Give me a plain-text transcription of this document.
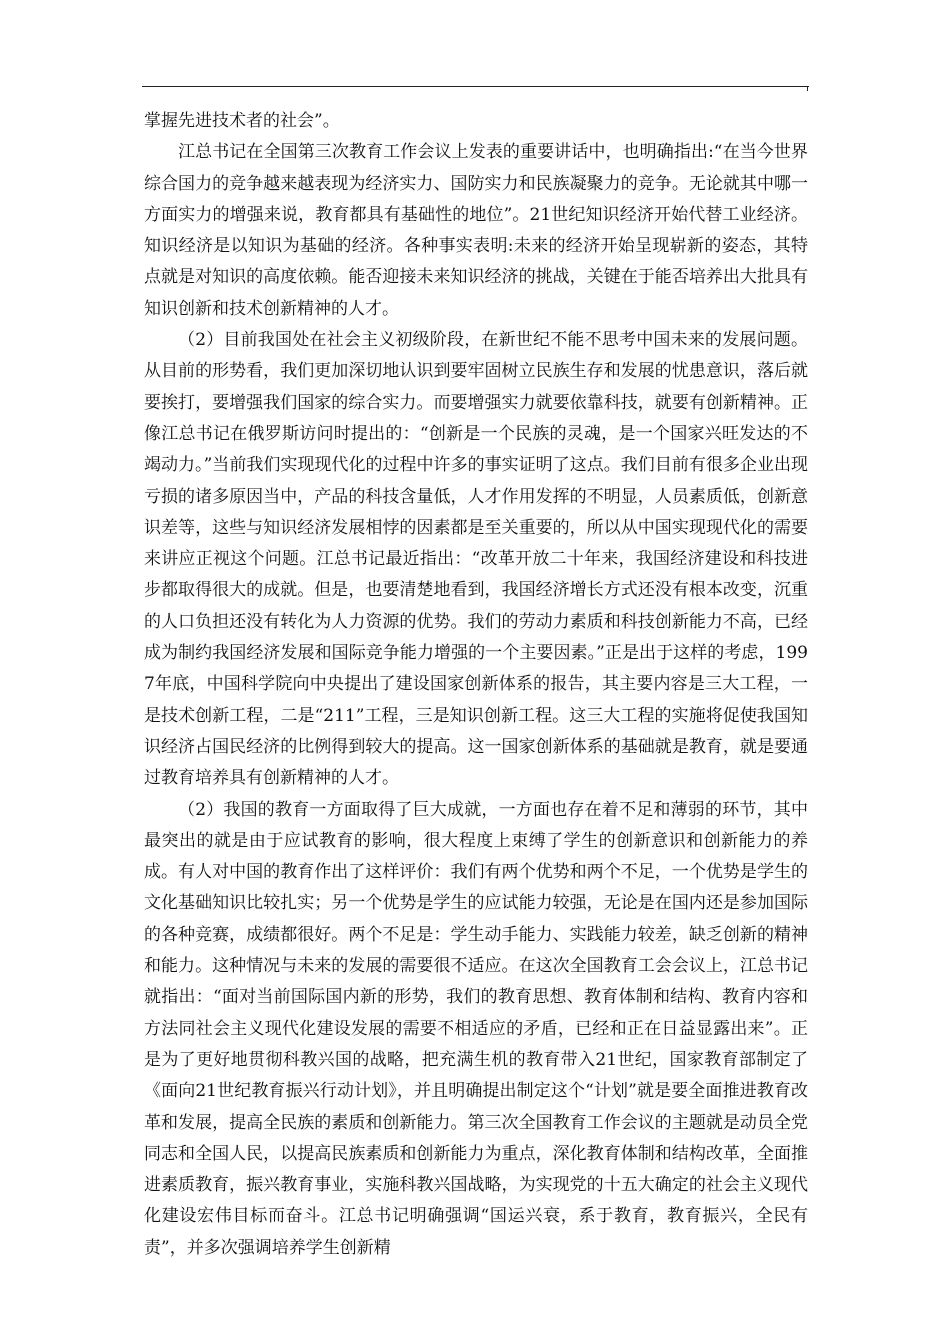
掌握先进技术者的社会”。

江总书记在全国第三次教育工作会议上发表的重要讲话中，也明确指出:“在当今世界综合国力的竞争越来越表现为经济实力、国防实力和民族凝聚力的竞争。无论就其中哪一方面实力的增强来说，教育都具有基础性的地位”。21世纪知识经济开始代替工业经济。知识经济是以知识为基础的经济。各种事实表明:未来的经济开始呈现崭新的姿态，其特点就是对知识的高度依赖。能否迎接未来知识经济的挑战，关键在于能否培养出大批具有知识创新和技术创新精神的人才。

（2）目前我国处在社会主义初级阶段，在新世纪不能不思考中国未来的发展问题。从目前的形势看，我们更加深切地认识到要牢固树立民族生存和发展的忧患意识，落后就要挨打，要增强我们国家的综合实力。而要增强实力就要依靠科技，就要有创新精神。正像江总书记在俄罗斯访问时提出的：“创新是一个民族的灵魂，是一个国家兴旺发达的不竭动力。”当前我们实现现代化的过程中许多的事实证明了这点。我们目前有很多企业出现亏损的诸多原因当中，产品的科技含量低，人才作用发挥的不明显，人员素质低，创新意识差等，这些与知识经济发展相悖的因素都是至关重要的，所以从中国实现现代化的需要来讲应正视这个问题。江总书记最近指出：“改革开放二十年来，我国经济建设和科技进步都取得很大的成就。但是，也要清楚地看到，我国经济增长方式还没有根本改变，沉重的人口负担还没有转化为人力资源的优势。我们的劳动力素质和科技创新能力不高，已经成为制约我国经济发展和国际竞争能力增强的一个主要因素。”正是出于这样的考虑，1997年底，中国科学院向中央提出了建设国家创新体系的报告，其主要内容是三大工程，一是技术创新工程，二是“211”工程，三是知识创新工程。这三大工程的实施将促使我国知识经济占国民经济的比例得到较大的提高。这一国家创新体系的基础就是教育，就是要通过教育培养具有创新精神的人才。

（2）我国的教育一方面取得了巨大成就，一方面也存在着不足和薄弱的环节，其中最突出的就是由于应试教育的影响，很大程度上束缚了学生的创新意识和创新能力的养成。有人对中国的教育作出了这样评价：我们有两个优势和两个不足，一个优势是学生的文化基础知识比较扎实；另一个优势是学生的应试能力较强，无论是在国内还是参加国际的各种竞赛，成绩都很好。两个不足是：学生动手能力、实践能力较差，缺乏创新的精神和能力。这种情况与未来的发展的需要很不适应。在这次全国教育工会会议上，江总书记就指出：“面对当前国际国内新的形势，我们的教育思想、教育体制和结构、教育内容和方法同社会主义现代化建设发展的需要不相适应的矛盾，已经和正在日益显露出来”。正是为了更好地贯彻科教兴国的战略，把充满生机的教育带入21世纪，国家教育部制定了《面向21世纪教育振兴行动计划》，并且明确提出制定这个“计划”就是要全面推进教育改革和发展，提高全民族的素质和创新能力。第三次全国教育工作会议的主题就是动员全党同志和全国人民，以提高民族素质和创新能力为重点，深化教育体制和结构改革，全面推进素质教育，振兴教育事业，实施科教兴国战略，为实现党的十五大确定的社会主义现代化建设宏伟目标而奋斗。江总书记明确强调“国运兴衰，系于教育，教育振兴，全民有责”，并多次强调培养学生创新精
